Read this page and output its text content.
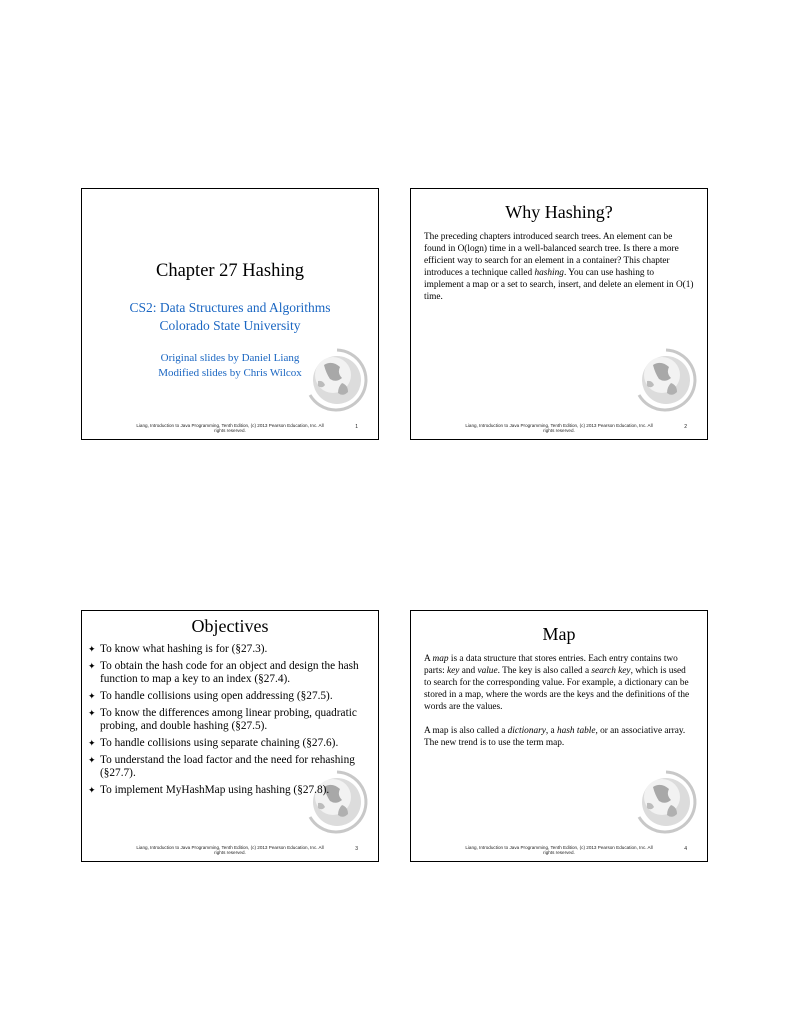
Chapter 27 Hashing
CS2: Data Structures and Algorithms
Colorado State University
Original slides by Daniel Liang
Modified slides by Chris Wilcox
Liang, Introduction to Java Programming, Tenth Edition, (c) 2013 Pearson Education, Inc. All rights reserved.
1
Why Hashing?

The preceding chapters introduced search trees. An element can be found in O(logn) time in a well-balanced search tree. Is there a more efficient way to search for an element in a container? This chapter introduces a technique called hashing. You can use hashing to implement a map or a set to search, insert, and delete an element in O(1) time.

Liang, Introduction to Java Programming, Tenth Edition, (c) 2013 Pearson Education, Inc. All rights reserved.
2
Objectives
✦ To know what hashing is for (§27.3).
✦ To obtain the hash code for an object and design the hash function to map a key to an index (§27.4).
✦ To handle collisions using open addressing (§27.5).
✦ To know the differences among linear probing, quadratic probing, and double hashing (§27.5).
✦ To handle collisions using separate chaining (§27.6).
✦ To understand the load factor and the need for rehashing (§27.7).
✦ To implement MyHashMap using hashing (§27.8).
Liang, Introduction to Java Programming, Tenth Edition, (c) 2013 Pearson Education, Inc. All rights reserved.
3
Map

A map is a data structure that stores entries. Each entry contains two parts: key and value. The key is also called a search key, which is used to search for the corresponding value. For example, a dictionary can be stored in a map, where the words are the keys and the definitions of the words are the values.

A map is also called a dictionary, a hash table, or an associative array. The new trend is to use the term map.

Liang, Introduction to Java Programming, Tenth Edition, (c) 2013 Pearson Education, Inc. All rights reserved.
4
